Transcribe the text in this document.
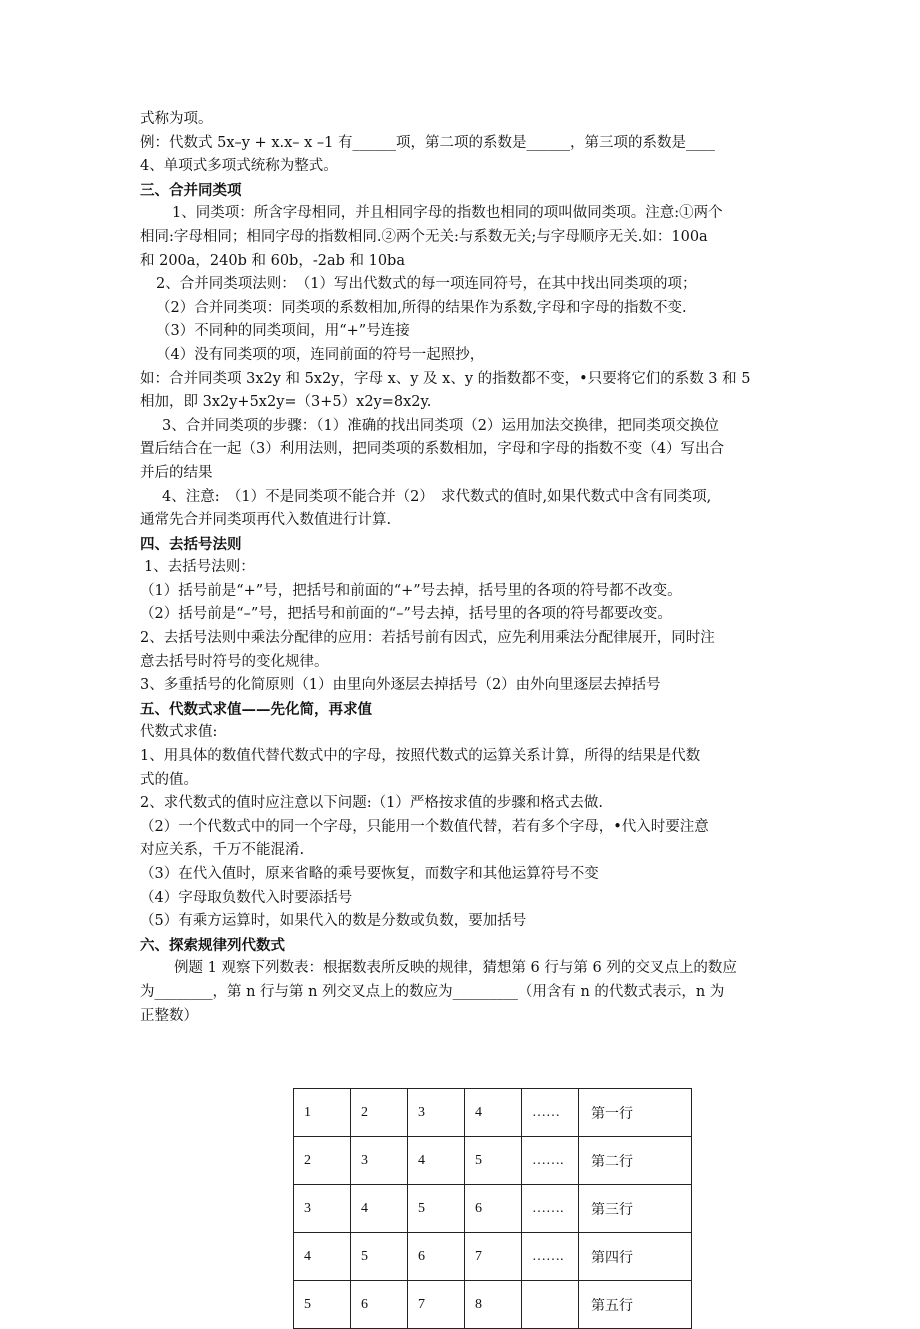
式称为项。
例：代数式 5x–y + x.x– x –1 有______项，第二项的系数是______，第三项的系数是____
4、单项式多项式统称为整式。
三、合并同类项
1、同类项：所含字母相同，并且相同字母的指数也相同的项叫做同类项。注意:①两个
相同:字母相同；相同字母的指数相同.②两个无关:与系数无关;与字母顺序无关.如：100a
和 200a，240b 和 60b，-2ab 和 10ba
2、合并同类项法则：　（1）写出代数式的每一项连同符号，在其中找出同类项的项；
（2）合并同类项：同类项的系数相加,所得的结果作为系数,字母和字母的指数不变.
（3）不同种的同类项间，用“+”号连接
（4）没有同类项的项，连同前面的符号一起照抄，
如：合并同类项 3x2y 和 5x2y，字母 x、y 及 x、y 的指数都不变，•只要将它们的系数 3 和 5
相加，即 3x2y+5x2y=（3+5）x2y=8x2y.
3、合并同类项的步骤：（1）准确的找出同类项（2）运用加法交换律，把同类项交换位
置后结合在一起（3）利用法则，把同类项的系数相加，字母和字母的指数不变（4）写出合
并后的结果
4、注意:　（1）不是同类项不能合并（2）　求代数式的值时,如果代数式中含有同类项,
通常先合并同类项再代入数值进行计算.
四、去括号法则
1、去括号法则：
（1）括号前是“+”号，把括号和前面的“+”号去掉，括号里的各项的符号都不改变。
（2）括号前是“–”号，把括号和前面的“–”号去掉，括号里的各项的符号都要改变。
2、去括号法则中乘法分配律的应用：若括号前有因式，应先利用乘法分配律展开，同时注
意去括号时符号的变化规律。
3、多重括号的化简原则（1）由里向外逐层去掉括号（2）由外向里逐层去掉括号
五、代数式求值——先化简，再求值
代数式求值:
1、用具体的数值代替代数式中的字母，按照代数式的运算关系计算，所得的结果是代数
式的值。
2、求代数式的值时应注意以下问题:（1）严格按求值的步骤和格式去做.
（2）一个代数式中的同一个字母，只能用一个数值代替，若有多个字母，•代入时要注意
对应关系，千万不能混淆.
（3）在代入值时，原来省略的乘号要恢复，而数字和其他运算符号不变
（4）字母取负数代入时要添括号
（5）有乘方运算时，如果代入的数是分数或负数，要加括号
六、探索规律列代数式
例题 1 观察下列数表：根据数表所反映的规律，猜想第 6 行与第 6 列的交叉点上的数应
为________，第 n 行与第 n 列交叉点上的数应为_________（用含有 n 的代数式表示，n 为
正整数）
1	2	3	4	……	第一行
2	3	4	5	…….	第二行
3	4	5	6	…….	第三行
4	5	6	7	…….	第四行
5	6	7	8		第五行
